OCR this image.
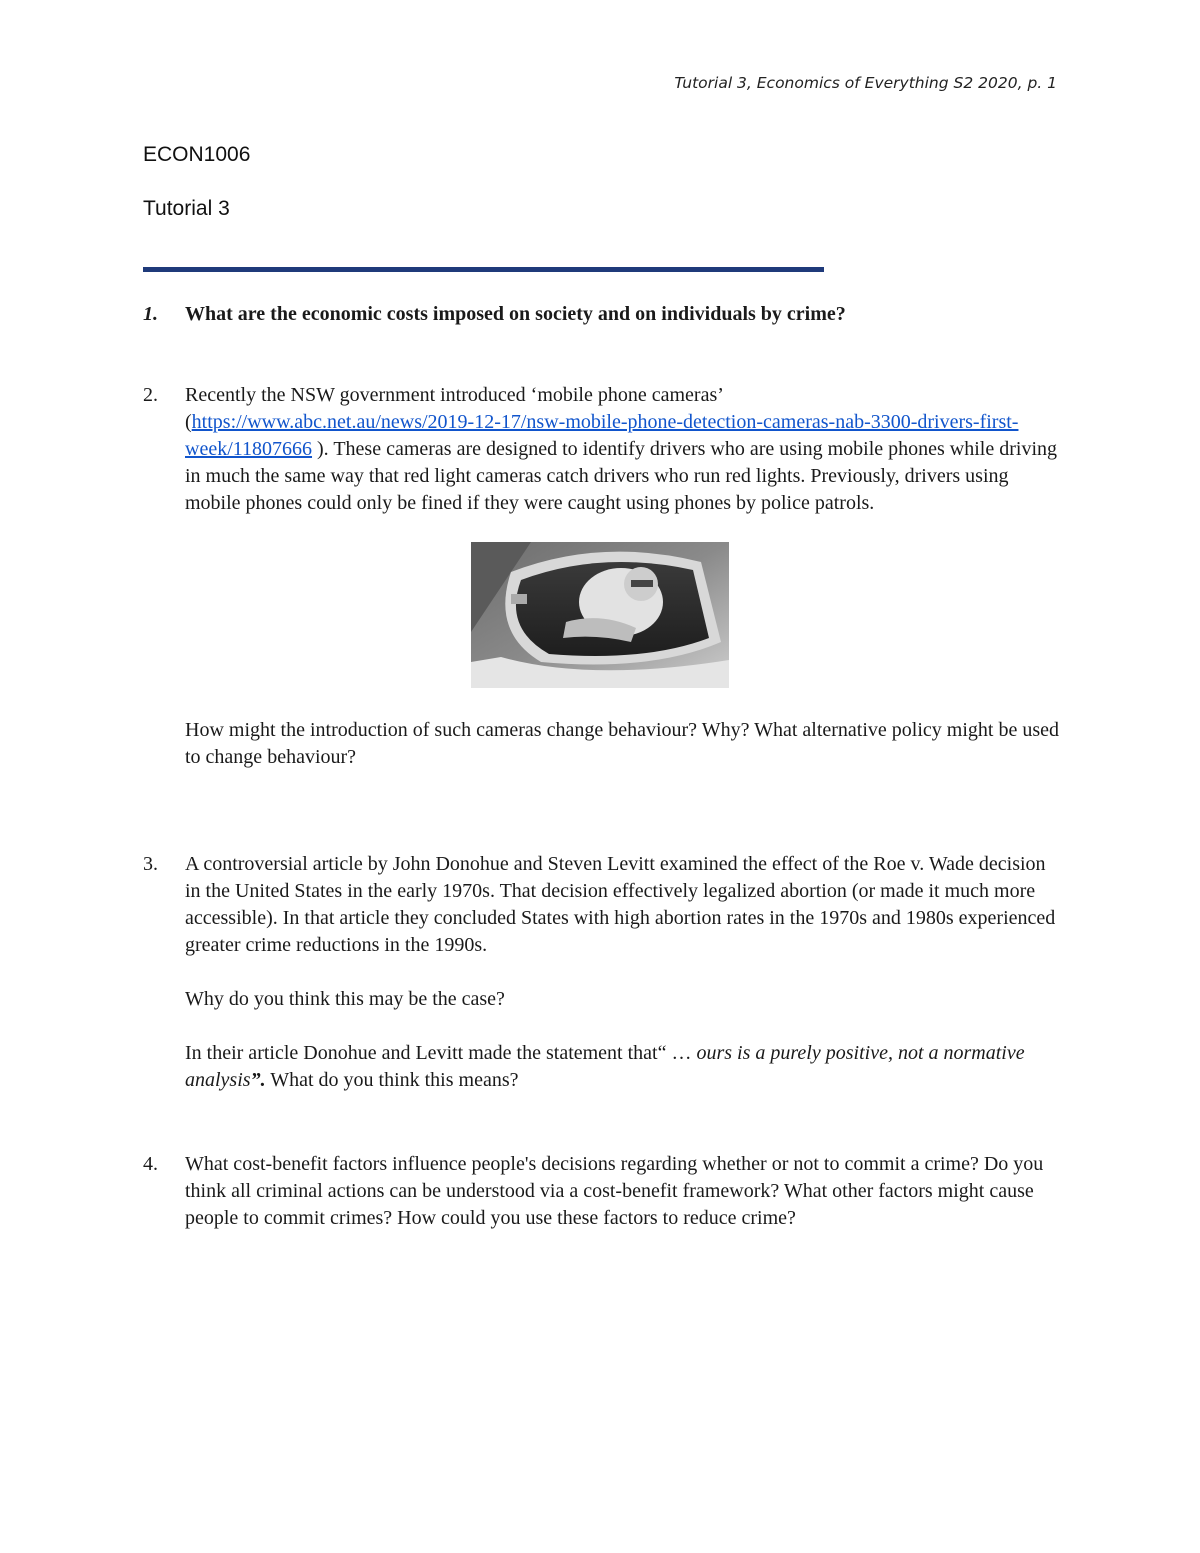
Tutorial 3, Economics of Everything S2 2020, p. 1
ECON1006
Tutorial 3
1.	What are the economic costs imposed on society and on individuals by crime?
2.	Recently the NSW government introduced ‘mobile phone cameras’
(https://www.abc.net.au/news/2019-12-17/nsw-mobile-phone-detection-cameras-nab-3300-drivers-first-week/11807666 ). These cameras are designed to identify drivers who are using mobile phones while driving in much the same way that red light cameras catch drivers who run red lights. Previously, drivers using mobile phones could only be fined if they were caught using phones by police patrols.

How might the introduction of such cameras change behaviour? Why? What alternative policy might be used to change behaviour?

3.	A controversial article by John Donohue and Steven Levitt examined the effect of the Roe v. Wade decision in the United States in the early 1970s. That decision effectively legalized abortion (or made it much more accessible). In that article they concluded States with high abortion rates in the 1970s and 1980s experienced greater crime reductions in the 1990s.

Why do you think this may be the case?

In their article Donohue and Levitt made the statement that“ … ours is a purely positive, not a normative analysis”. What do you think this means?

4.	What cost-benefit factors influence people's decisions regarding whether or not to commit a crime? Do you think all criminal actions can be understood via a cost-benefit framework? What other factors might cause people to commit crimes? How could you use these factors to reduce crime?
